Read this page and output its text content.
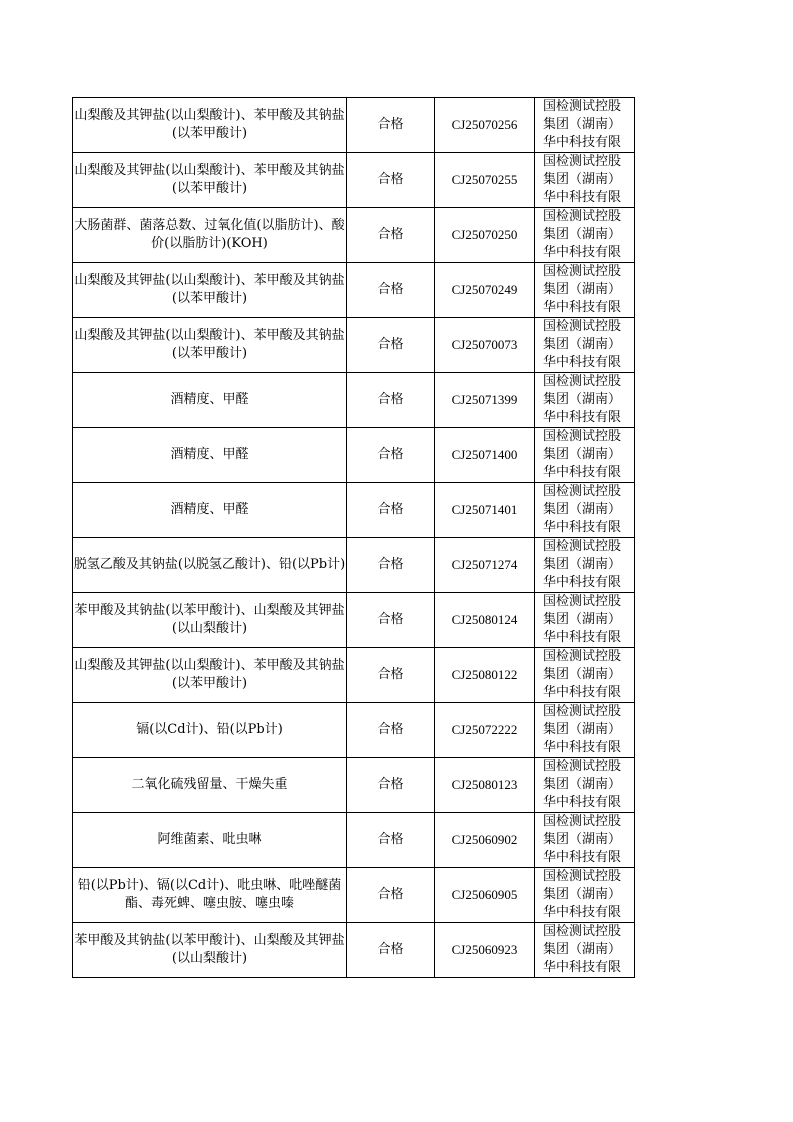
山梨酸及其钾盐(以山梨酸计)、苯甲酸及其钠盐(以苯甲酸计)	合格	CJ25070256	国检测试控股
集团（湖南）
华中科技有限

山梨酸及其钾盐(以山梨酸计)、苯甲酸及其钠盐(以苯甲酸计)	合格	CJ25070255	国检测试控股
集团（湖南）
华中科技有限

大肠菌群、菌落总数、过氧化值(以脂肪计)、酸价(以脂肪计)(KOH)	合格	CJ25070250	国检测试控股
集团（湖南）
华中科技有限

山梨酸及其钾盐(以山梨酸计)、苯甲酸及其钠盐(以苯甲酸计)	合格	CJ25070249	国检测试控股
集团（湖南）
华中科技有限

山梨酸及其钾盐(以山梨酸计)、苯甲酸及其钠盐(以苯甲酸计)	合格	CJ25070073	国检测试控股
集团（湖南）
华中科技有限

酒精度、甲醛	合格	CJ25071399	国检测试控股
集团（湖南）
华中科技有限

酒精度、甲醛	合格	CJ25071400	国检测试控股
集团（湖南）
华中科技有限

酒精度、甲醛	合格	CJ25071401	国检测试控股
集团（湖南）
华中科技有限

脱氢乙酸及其钠盐(以脱氢乙酸计)、铅(以Pb计)	合格	CJ25071274	国检测试控股
集团（湖南）
华中科技有限

苯甲酸及其钠盐(以苯甲酸计)、山梨酸及其钾盐(以山梨酸计)	合格	CJ25080124	国检测试控股
集团（湖南）
华中科技有限

山梨酸及其钾盐(以山梨酸计)、苯甲酸及其钠盐(以苯甲酸计)	合格	CJ25080122	国检测试控股
集团（湖南）
华中科技有限

镉(以Cd计)、铅(以Pb计)	合格	CJ25072222	国检测试控股
集团（湖南）
华中科技有限

二氧化硫残留量、干燥失重	合格	CJ25080123	国检测试控股
集团（湖南）
华中科技有限

阿维菌素、吡虫啉	合格	CJ25060902	国检测试控股
集团（湖南）
华中科技有限

铅(以Pb计)、镉(以Cd计)、吡虫啉、吡唑醚菌酯、毒死蜱、噻虫胺、噻虫嗪	合格	CJ25060905	国检测试控股
集团（湖南）
华中科技有限

苯甲酸及其钠盐(以苯甲酸计)、山梨酸及其钾盐(以山梨酸计)	合格	CJ25060923	国检测试控股
集团（湖南）
华中科技有限
